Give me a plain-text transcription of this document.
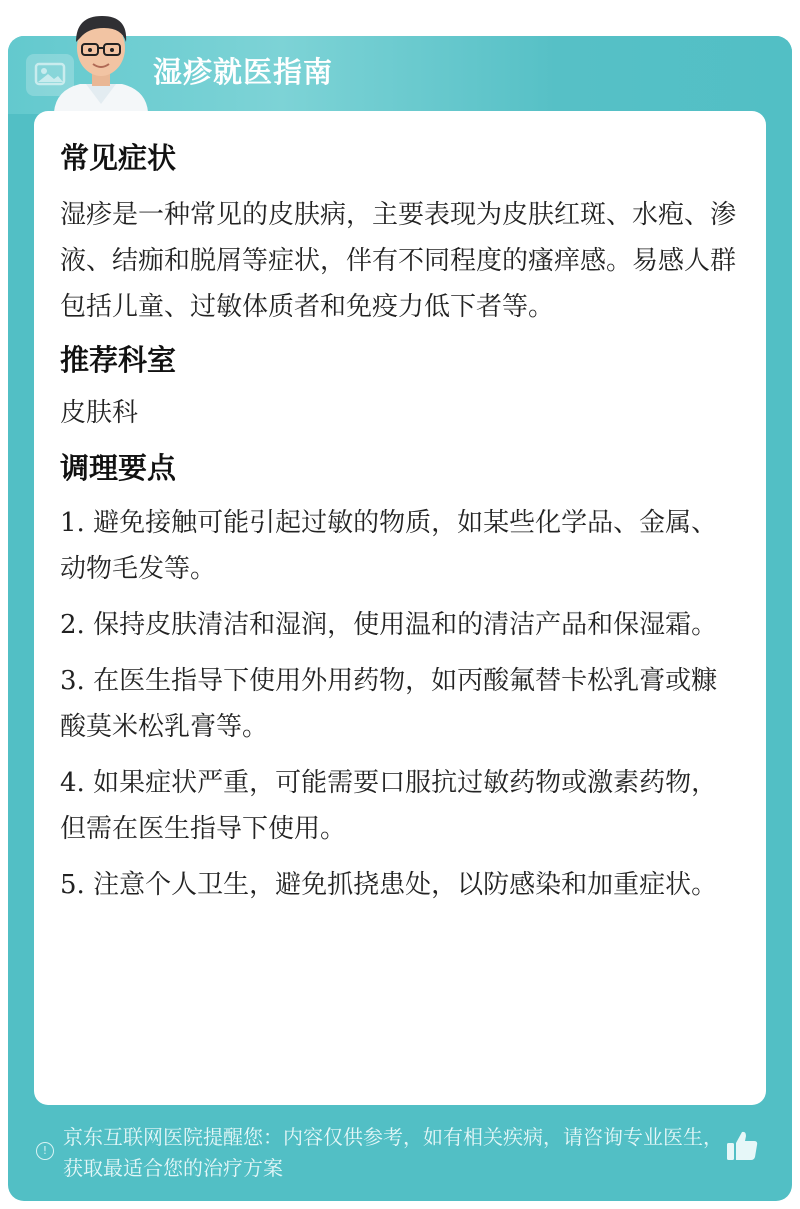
湿疹就医指南
常见症状

湿疹是一种常见的皮肤病，主要表现为皮肤红斑、水疱、渗液、结痂和脱屑等症状，伴有不同程度的瘙痒感。易感人群包括儿童、过敏体质者和免疫力低下者等。

推荐科室

皮肤科

调理要点

1. 避免接触可能引起过敏的物质，如某些化学品、金属、动物毛发等。

2. 保持皮肤清洁和湿润，使用温和的清洁产品和保湿霜。

3. 在医生指导下使用外用药物，如丙酸氟替卡松乳膏或糠酸莫米松乳膏等。

4. 如果症状严重，可能需要口服抗过敏药物或激素药物，但需在医生指导下使用。

5. 注意个人卫生，避免抓挠患处，以防感染和加重症状。

!
京东互联网医院提醒您：内容仅供参考，如有相关疾病，请咨询专业医生，获取最适合您的治疗方案
